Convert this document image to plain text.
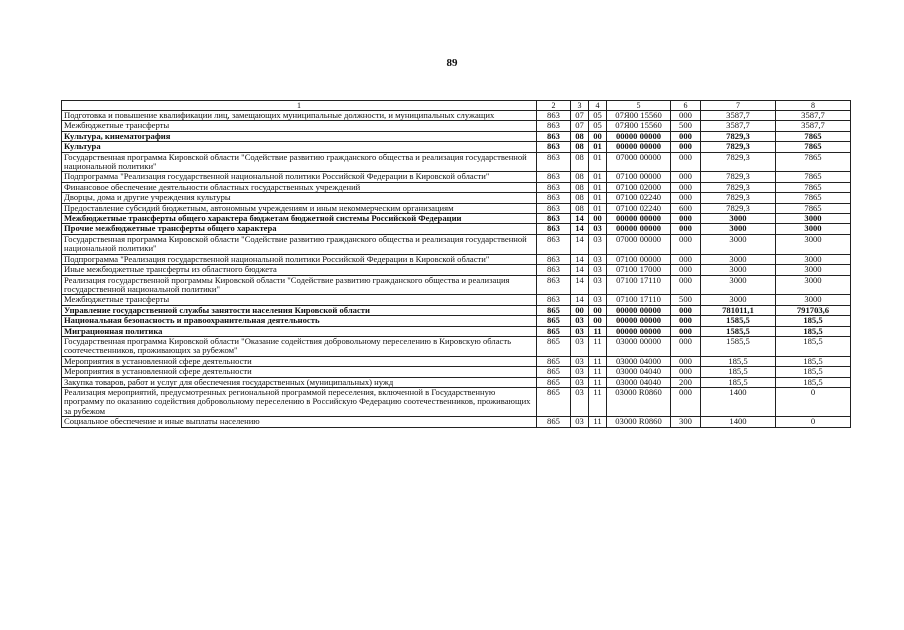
89
1	2	3	4	5	6	7	8
Подготовка и повышение квалификации лиц, замещающих муниципальные должности, и муниципальных служащих	863	07	05	07Я00 15560	000	3587,7	3587,7
Межбюджетные трансферты	863	07	05	07Я00 15560	500	3587,7	3587,7
Культура, кинематография	863	08	00	00000 00000	000	7829,3	7865
Культура	863	08	01	00000 00000	000	7829,3	7865
Государственная программа Кировской области "Содействие развитию гражданского общества и реализация государственной национальной политики"	863	08	01	07000 00000	000	7829,3	7865
Подпрограмма "Реализация государственной национальной политики Российской Федерации в Кировской области"	863	08	01	07100 00000	000	7829,3	7865
Финансовое обеспечение деятельности областных государственных учреждений	863	08	01	07100 02000	000	7829,3	7865
Дворцы, дома и другие учреждения культуры	863	08	01	07100 02240	000	7829,3	7865
Предоставление субсидий бюджетным, автономным учреждениям и иным некоммерческим организациям	863	08	01	07100 02240	600	7829,3	7865
Межбюджетные трансферты общего характера бюджетам бюджетной системы Российской Федерации	863	14	00	00000 00000	000	3000	3000
Прочие межбюджетные трансферты общего характера	863	14	03	00000 00000	000	3000	3000
Государственная программа Кировской области "Содействие развитию гражданского общества и реализация государственной национальной политики"	863	14	03	07000 00000	000	3000	3000
Подпрограмма "Реализация государственной национальной политики Российской Федерации в Кировской области"	863	14	03	07100 00000	000	3000	3000
Иные межбюджетные трансферты из областного бюджета	863	14	03	07100 17000	000	3000	3000
Реализация государственной программы Кировской области "Содействие развитию гражданского общества и реализация государственной национальной политики"	863	14	03	07100 17110	000	3000	3000
Межбюджетные трансферты	863	14	03	07100 17110	500	3000	3000
Управление государственной службы занятости населения Кировской области	865	00	00	00000 00000	000	781011,1	791703,6
Национальная безопасность и правоохранительная деятельность	865	03	00	00000 00000	000	1585,5	185,5
Миграционная политика	865	03	11	00000 00000	000	1585,5	185,5
Государственная программа Кировской области "Оказание содействия добровольному переселению в Кировскую область соотечественников, проживающих за рубежом"	865	03	11	03000 00000	000	1585,5	185,5
Мероприятия в установленной сфере деятельности	865	03	11	03000 04000	000	185,5	185,5
Мероприятия в установленной сфере деятельности	865	03	11	03000 04040	000	185,5	185,5
Закупка товаров, работ и услуг для обеспечения государственных (муниципальных) нужд	865	03	11	03000 04040	200	185,5	185,5
Реализация мероприятий, предусмотренных региональной программой переселения, включенной в Государственную программу по оказанию содействия добровольному переселению в Российскую Федерацию соотечественников, проживающих за рубежом	865	03	11	03000 R0860	000	1400	0
Социальное обеспечение и иные выплаты населению	865	03	11	03000 R0860	300	1400	0
